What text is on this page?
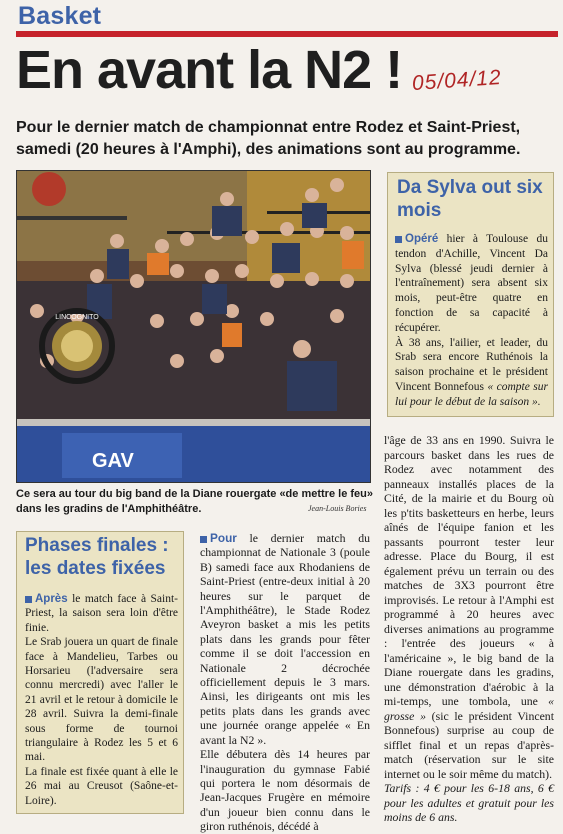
Basket
En avant la N2 ! 05/04/12
Pour le dernier match de championnat entre Rodez et Saint-Priest, samedi (20 heures à l'Amphi), des animations sont au programme.
LINCOGNITO
GAV
Ce sera au tour du big band de la Diane rouergate «de mettre le feu» dans les gradins de l'Amphithéâtre.	Jean-Louis Bories
Da Sylva out six mois

Opéré hier à Toulouse du tendon d'Achille, Vincent Da Sylva (blessé jeudi dernier à l'entraînement) sera absent six mois, peut-être quatre en fonction de sa capacité à récupérer.

À 38 ans, l'ailier, et leader, du Srab sera encore Ruthénois la saison prochaine et le président Vincent Bonnefous « compte sur lui pour le début de la saison ».

l'âge de 33 ans en 1990. Suivra le parcours basket dans les rues de Rodez avec notamment des panneaux installés places de la Cité, de la mairie et du Bourg où les p'tits basketteurs en herbe, leurs aînés de l'équipe fanion et les passants pourront tester leur adresse. Place du Bourg, il est également prévu un terrain ou des matches de 3X3 pourront être improvisés. Le retour à l'Amphi est programmé à 20 heures avec diverses animations au programme : l'entrée des joueurs « à l'américaine », le big band de la Diane rouergate dans les gradins, une démonstration d'aérobic à la mi-temps, une tombola, une « grosse » (sic le président Vincent Bonnefous) surprise au coup de sifflet final et un repas d'après-match (réservation sur le site internet ou le soir même du match).
Tarifs : 4 € pour les 6-18 ans, 6 € pour les adultes et gratuit pour les moins de 6 ans.
Phases finales : les dates fixées

Après le match face à Saint-Priest, la saison sera loin d'être finie.

Le Srab jouera un quart de finale face à Mandelieu, Tarbes ou Horsarieu (l'adversaire sera connu mercredi) avec l'aller le 21 avril et le retour à domicile le 28 avril. Suivra la demi-finale sous forme de tournoi triangulaire à Rodez les 5 et 6 mai.

La finale est fixée quant à elle le 26 mai au Creusot (Saône-et-Loire).

Pour le dernier match du championnat de Nationale 3 (poule B) samedi face aux Rhodaniens de Saint-Priest (entre-deux initial à 20 heures sur le parquet de l'Amphithéâtre), le Stade Rodez Aveyron basket a mis les petits plats dans les grands pour fêter comme il se doit l'accession en Nationale 2 décrochée officiellement depuis le 3 mars. Ainsi, les dirigeants ont mis les petits plats dans les grands avec une journée orange appelée « En avant la N2 ».

Elle débutera dès 14 heures par l'inauguration du gymnase Fabié qui portera le nom désormais de Jean-Jacques Frugère en mémoire d'un joueur bien connu dans le giron ruthénois, décédé à
